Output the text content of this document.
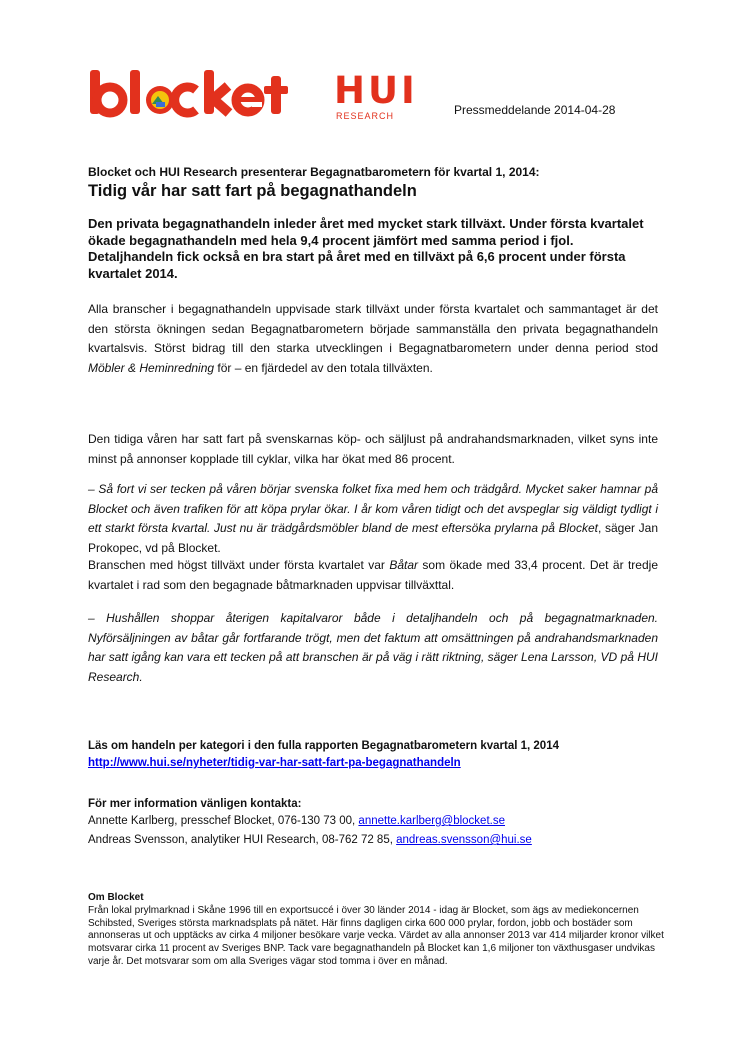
HUI
RESEARCH	Pressmeddelande 2014-04-28
Blocket och HUI Research presenterar Begagnatbarometern för kvartal 1, 2014:
Tidig vår har satt fart på begagnathandeln
Den privata begagnathandeln inleder året med mycket stark tillväxt. Under första kvartalet ökade begagnathandeln med hela 9,4 procent jämfört med samma period i fjol. Detaljhandeln fick också en bra start på året med en tillväxt på 6,6 procent under första kvartalet 2014.
Alla branscher i begagnathandeln uppvisade stark tillväxt under första kvartalet och sammantaget är det den största ökningen sedan Begagnatbarometern började sammanställa den privata begagnathandeln kvartalsvis. Störst bidrag till den starka utvecklingen i Begagnatbarometern under denna period stod Möbler & Heminredning för – en fjärdedel av den totala tillväxten.
Den tidiga våren har satt fart på svenskarnas köp- och säljlust på andrahandsmarknaden, vilket syns inte minst på annonser kopplade till cyklar, vilka har ökat med 86 procent.
– Så fort vi ser tecken på våren börjar svenska folket fixa med hem och trädgård. Mycket saker hamnar på Blocket och även trafiken för att köpa prylar ökar. I år kom våren tidigt och det avspeglar sig väldigt tydligt i ett starkt första kvartal. Just nu är trädgårdsmöbler bland de mest eftersöka prylarna på Blocket, säger Jan Prokopec, vd på Blocket.
Branschen med högst tillväxt under första kvartalet var Båtar som ökade med 33,4 procent. Det är tredje kvartalet i rad som den begagnade båtmarknaden uppvisar tillväxttal.
– Hushållen shoppar återigen kapitalvaror både i detaljhandeln och på begagnatmarknaden. Nyförsäljningen av båtar går fortfarande trögt, men det faktum att omsättningen på andrahandsmarknaden har satt igång kan vara ett tecken på att branschen är på väg i rätt riktning, säger Lena Larsson, VD på HUI Research.
Läs om handeln per kategori i den fulla rapporten Begagnatbarometern kvartal 1, 2014
http://www.hui.se/nyheter/tidig-var-har-satt-fart-pa-begagnathandeln
För mer information vänligen kontakta:
Annette Karlberg, presschef Blocket, 076-130 73 00, annette.karlberg@blocket.se
Andreas Svensson, analytiker HUI Research, 08-762 72 85, andreas.svensson@hui.se
Om Blocket
Från lokal prylmarknad i Skåne 1996 till en exportsuccé i över 30 länder 2014 - idag är Blocket, som ägs av mediekoncernen Schibsted, Sveriges största marknadsplats på nätet. Här finns dagligen cirka 600 000 prylar, fordon, jobb och bostäder som annonseras ut och upptäcks av cirka 4 miljoner besökare varje vecka. Värdet av alla annonser 2013 var 414 miljarder kronor vilket motsvarar cirka 11 procent av Sveriges BNP. Tack vare begagnathandeln på Blocket kan 1,6 miljoner ton växthusgaser undvikas varje år. Det motsvarar som om alla Sveriges vägar stod tomma i över en månad.
